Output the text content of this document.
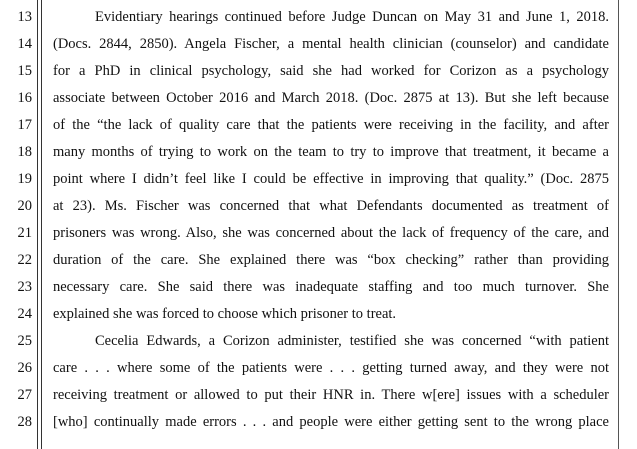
13
14
15
16
17
18
19
20
21
22
23
24
25
26
27
28
Evidentiary hearings continued before Judge Duncan on May 31 and June 1, 2018.
(Docs. 2844, 2850). Angela Fischer, a mental health clinician (counselor) and candidate
for a PhD in clinical psychology, said she had worked for Corizon as a psychology
associate between October 2016 and March 2018. (Doc. 2875 at 13). But she left because
of the “the lack of quality care that the patients were receiving in the facility, and after
many months of trying to work on the team to try to improve that treatment, it became a
point where I didn’t feel like I could be effective in improving that quality.” (Doc. 2875
at 23). Ms. Fischer was concerned that what Defendants documented as treatment of
prisoners was wrong. Also, she was concerned about the lack of frequency of the care, and
duration of the care. She explained there was “box checking” rather than providing
necessary care. She said there was inadequate staffing and too much turnover. She
explained she was forced to choose which prisoner to treat.
Cecelia Edwards, a Corizon administer, testified she was concerned “with patient
care . . . where some of the patients were . . . getting turned away, and they were not
receiving treatment or allowed to put their HNR in. There w[ere] issues with a scheduler
[who] continually made errors . . . and people were either getting sent to the wrong place
